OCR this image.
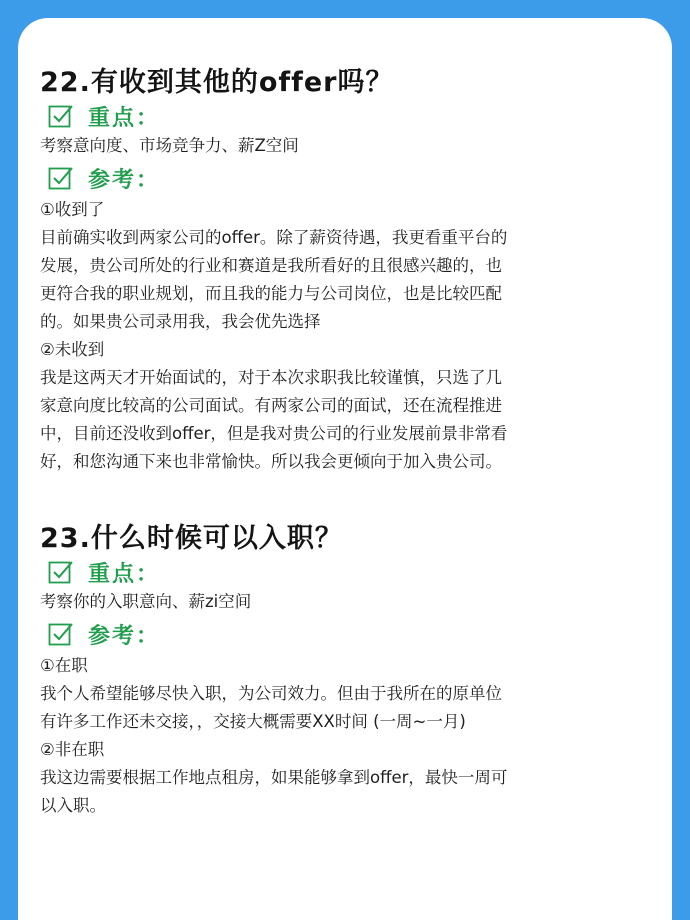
22.有收到其他的offer吗？
重点：
考察意向度、市场竞争力、薪Z空间
参考：
①收到了
目前确实收到两家公司的offer。除了薪资待遇，我更看重平台的
发展，贵公司所处的行业和赛道是我所看好的且很感兴趣的，也
更符合我的职业规划，而且我的能力与公司岗位，也是比较匹配
的。如果贵公司录用我，我会优先选择
②未收到
我是这两天才开始面试的，对于本次求职我比较谨慎，只选了几
家意向度比较高的公司面试。有两家公司的面试，还在流程推进
中，目前还没收到offer，但是我对贵公司的行业发展前景非常看
好，和您沟通下来也非常愉快。所以我会更倾向于加入贵公司。
23.什么时候可以入职？
重点：
考察你的入职意向、薪zi空间
参考：
①在职
我个人希望能够尽快入职，为公司效力。但由于我所在的原单位
有许多工作还未交接，，交接大概需要XX时间 (一周~一月)
②非在职
我这边需要根据工作地点租房，如果能够拿到offer，最快一周可
以入职。
